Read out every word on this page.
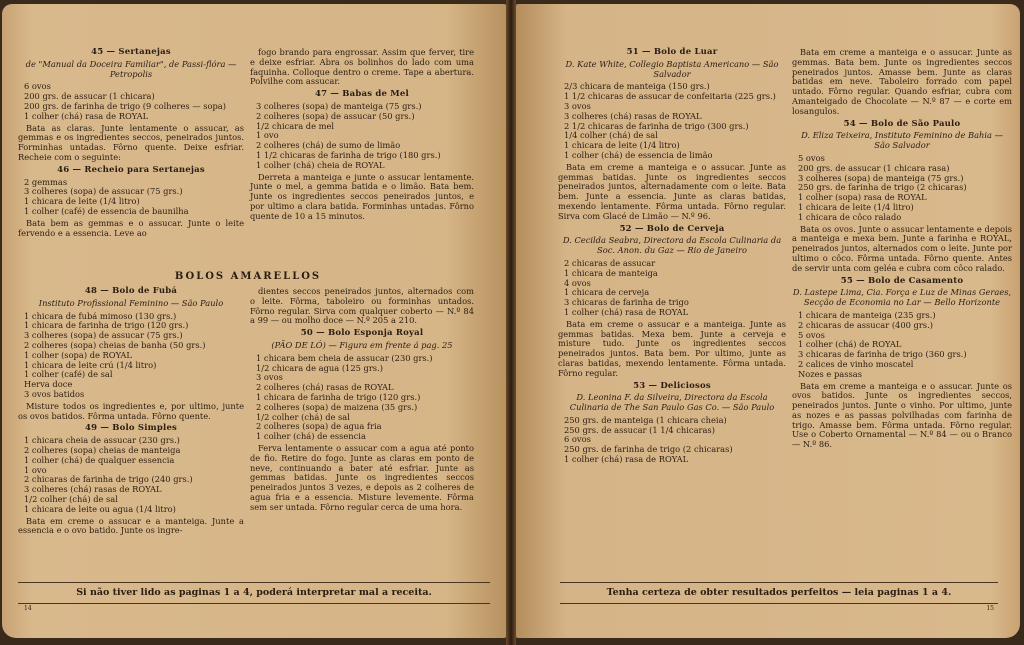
45 — Sertanejas
de "Manual da Doceira Familiar", de Passi-flóra — Petropolis
6 ovos
200 grs. de assucar (1 chicara)
200 grs. de farinha de trigo (9 colheres — sopa)
1 colher (chá) rasa de ROYAL

Bata as claras. Junte lentamente o assucar, as gemmas e os ingredientes seccos, peneirados juntos. Forminhas untadas. Fôrno quente. Deixe esfriar. Recheie com o seguinte:

46 — Recheio para Sertanejas
2 gemmas
3 colheres (sopa) de assucar (75 grs.)
1 chicara de leite (1/4 litro)
1 colher (café) de essencia de baunilha

Bata bem as gemmas e o assucar. Junte o leite fervendo e a essencia. Leve ao

fogo brando para engrossar. Assim que ferver, tire e deixe esfriar. Abra os bolinhos do lado com uma faquinha. Colloque dentro o creme. Tape a abertura. Polvilhe com assucar.

47 — Babas de Mel
3 colheres (sopa) de manteiga (75 grs.)
2 colheres (sopa) de assucar (50 grs.)
1/2 chicara de mel
1 ovo
2 colheres (chá) de sumo de limão
1 1/2 chicaras de farinha de trigo (180 grs.)
1 colher (chá) cheia de ROYAL

Derreta a manteiga e junte o assucar lentamente. Junte o mel, a gemma batida e o limão. Bata bem. Junte os ingredientes seccos peneirados juntos, e por ultimo a clara batida. Forminhas untadas. Fôrno quente de 10 a 15 minutos.

BOLOS AMARELLOS
48 — Bolo de Fubá
Instituto Profissional Feminino — São Paulo
1 chicara de fubá mimoso (130 grs.)
1 chicara de farinha de trigo (120 grs.)
3 colheres (sopa) de assucar (75 grs.)
2 colheres (sopa) cheias de banha (50 grs.)
1 colher (sopa) de ROYAL
1 chicara de leite crú (1/4 litro)
1 colher (café) de sal
Herva doce
3 ovos batidos

Misture todos os ingredientes e, por ultimo, junte os ovos batidos. Fôrma untada. Fôrno quente.

49 — Bolo Simples
1 chicara cheia de assucar (230 grs.)
2 colheres (sopa) cheias de manteiga
1 colher (chá) de qualquer essencia
1 ovo
2 chicaras de farinha de trigo (240 grs.)
3 colheres (chá) rasas de ROYAL
1/2 colher (chá) de sal
1 chicara de leite ou agua (1/4 litro)

Bata em creme o assucar e a manteiga. Junte a essencia e o ovo batido. Junte os ingre-

dientes seccos peneirados juntos, alternados com o leite. Fôrma, taboleiro ou forminhas untados. Fôrno regular. Sirva com qualquer coberto — N.º 84 a 99 — ou molho doce — N.º 205 a 210.

50 — Bolo Esponja Royal
(PÃO DE LÓ) — Figura em frente á pag. 25
1 chicara bem cheia de assucar (230 grs.)
1/2 chicara de agua (125 grs.)
3 ovos
2 colheres (chá) rasas de ROYAL
1 chicara de farinha de trigo (120 grs.)
2 colheres (sopa) de maizena (35 grs.)
1/2 colher (chá) de sal
2 colheres (sopa) de agua fria
1 colher (chá) de essencia

Ferva lentamente o assucar com a agua até ponto de fio. Retire do fogo. Junte as claras em ponto de neve, continuando a bater até esfriar. Junte as gemmas batidas. Junte os ingredientes seccos peneirados juntos 3 vezes, e depois as 2 colheres de agua fria e a essencia. Misture levemente. Fôrma sem ser untada. Fôrno regular cerca de uma hora.

Si não tiver lido as paginas 1 a 4, poderá interpretar mal a receita.
14
51 — Bolo de Luar
D. Kate White, Collegio Baptista Americano — São Salvador
2/3 chicara de manteiga (150 grs.)
1 1/2 chicaras de assucar de confeitaria (225 grs.)
3 ovos
3 colheres (chá) rasas de ROYAL
2 1/2 chicaras de farinha de trigo (300 grs.)
1/4 colher (chá) de sal
1 chicara de leite (1/4 litro)
1 colher (chá) de essencia de limão

Bata em creme a manteiga e o assucar. Junte as gemmas batidas. Junte os ingredientes seccos peneirados juntos, alternadamente com o leite. Bata bem. Junte a essencia. Junte as claras batidas, mexendo lentamente. Fôrma untada. Fôrno regular. Sirva com Glacé de Limão — N.º 96.

52 — Bolo de Cerveja
D. Cecilda Seabra, Directora da Escola Culinaria da Soc. Anon. du Gaz — Rio de Janeiro
2 chicaras de assucar
1 chicara de manteiga
4 ovos
1 chicara de cerveja
3 chicaras de farinha de trigo
1 colher (chá) rasa de ROYAL

Bata em creme o assucar e a manteiga. Junte as gemmas batidas. Mexa bem. Junte a cerveja e misture tudo. Junte os ingredientes seccos peneirados juntos. Bata bem. Por ultimo, junte as claras batidas, mexendo lentamente. Fôrma untada. Fôrno regular.

53 — Deliciosos
D. Leonina F. da Silveira, Directora da Escola Culinaria de The San Paulo Gas Co. — São Paulo
250 grs. de manteiga (1 chicara cheia)
250 grs. de assucar (1 1/4 chicaras)
6 ovos
250 grs. de farinha de trigo (2 chicaras)
1 colher (chá) rasa de ROYAL

Bata em creme a manteiga e o assucar. Junte as gemmas. Bata bem. Junte os ingredientes seccos peneirados juntos. Amasse bem. Junte as claras batidas em neve. Taboleiro forrado com papel untado. Fôrno regular. Quando esfriar, cubra com Amanteigado de Chocolate — N.º 87 — e corte em losangulos.

54 — Bolo de São Paulo
D. Eliza Teixeira, Instituto Feminino de Bahia — São Salvador
5 ovos
200 grs. de assucar (1 chicara rasa)
3 colheres (sopa) de manteiga (75 grs.)
250 grs. de farinha de trigo (2 chicaras)
1 colher (sopa) rasa de ROYAL
1 chicara de leite (1/4 litro)
1 chicara de côco ralado

Bata os ovos. Junte o assucar lentamente e depois a manteiga e mexa bem. Junte a farinha e ROYAL, peneirados juntos, alternados com o leite. Junte por ultimo o côco. Fôrma untada. Fôrno quente. Antes de servir unta com geléa e cubra com côco ralado.

55 — Bolo de Casamento
D. Lastepe Lima, Cia. Força e Luz de Minas Geraes, Secção de Economia no Lar — Bello Horizonte
1 chicara de manteiga (235 grs.)
2 chicaras de assucar (400 grs.)
5 ovos
1 colher (chá) de ROYAL
3 chicaras de farinha de trigo (360 grs.)
2 calices de vinho moscatel
Nozes e passas

Bata em creme a manteiga e o assucar. Junte os ovos batidos. Junte os ingredientes seccos, peneirados juntos. Junte o vinho. Por ultimo, junte as nozes e as passas polvilhadas com farinha de trigo. Amasse bem. Fôrma untada. Fôrno regular. Use o Coberto Ornamental — N.º 84 — ou o Branco — N.º 86.

Tenha certeza de obter resultados perfeitos — leia paginas 1 a 4.
15
